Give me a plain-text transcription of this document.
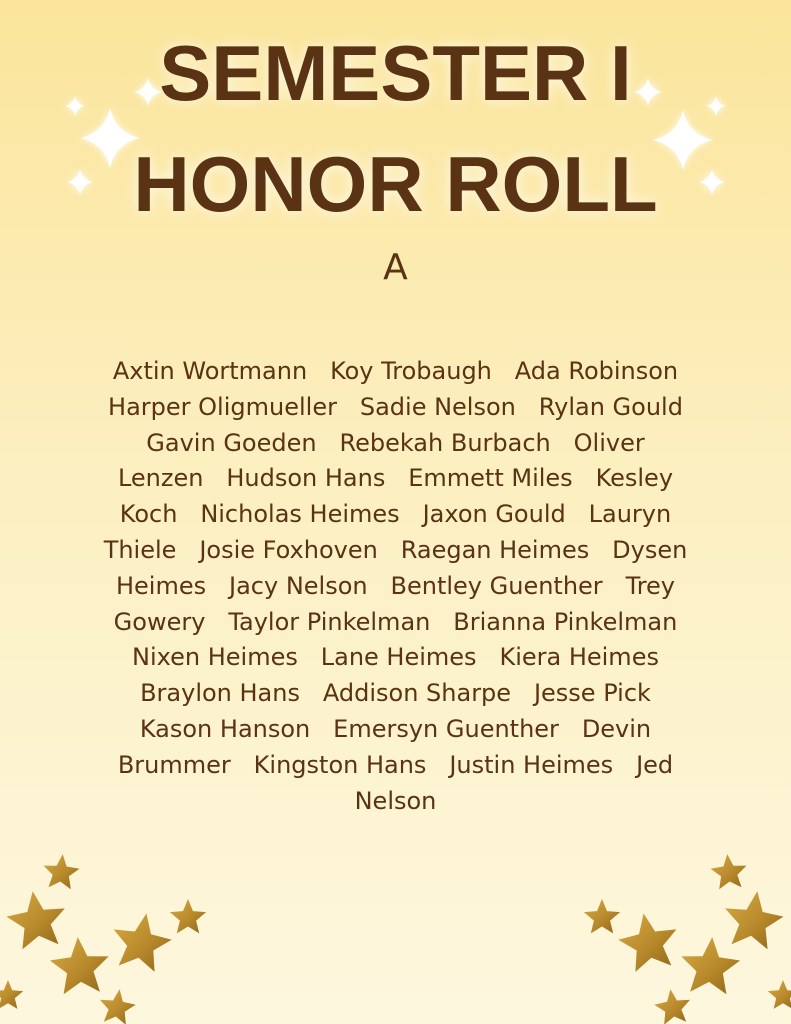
SEMESTER I
HONOR ROLL
A
Axtin Wortmann Koy Trobaugh Ada Robinson   Harper Oligmueller Sadie Nelson Rylan Gould   Gavin Goeden Rebekah Burbach Oliver Lenzen Hudson Hans Emmett Miles Kesley Koch Nicholas Heimes Jaxon Gould Lauryn Thiele Josie Foxhoven Raegan Heimes Dysen Heimes Jacy Nelson Bentley Guenther Trey Gowery Taylor Pinkelman Brianna Pinkelman   Nixen Heimes Lane Heimes Kiera Heimes   Braylon Hans Addison Sharpe Jesse Pick   Kason Hanson Emersyn Guenther Devin Brummer Kingston Hans Justin Heimes Jed Nelson
